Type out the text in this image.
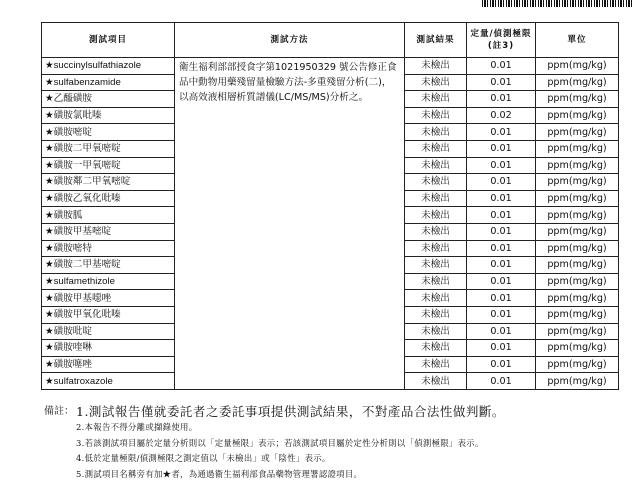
測試項目	測試方法	測試結果	定量/偵測極限(註3)	單位
★succinylsulfathiazole	衛生福利部部授食字第1021950329 號公告修正食品中動物用藥殘留量檢驗方法-多重殘留分析(二)，以高效液相層析質譜儀(LC/MS/MS)分析之。	未檢出	0.01	ppm(mg/kg)
★sulfabenzamide		未檢出	0.01	ppm(mg/kg)
★乙醯磺胺		未檢出	0.01	ppm(mg/kg)
★磺胺氯吡嗪		未檢出	0.02	ppm(mg/kg)
★磺胺嘧啶		未檢出	0.01	ppm(mg/kg)
★磺胺二甲氧嘧啶		未檢出	0.01	ppm(mg/kg)
★磺胺一甲氧嘧啶		未檢出	0.01	ppm(mg/kg)
★磺胺鄰二甲氧嘧啶		未檢出	0.01	ppm(mg/kg)
★磺胺乙氧化吡嗪		未檢出	0.01	ppm(mg/kg)
★磺胺胍		未檢出	0.01	ppm(mg/kg)
★磺胺甲基嘧啶		未檢出	0.01	ppm(mg/kg)
★磺胺嘧特		未檢出	0.01	ppm(mg/kg)
★磺胺二甲基嘧啶		未檢出	0.01	ppm(mg/kg)
★sulfamethizole		未檢出	0.01	ppm(mg/kg)
★磺胺甲基噁唑		未檢出	0.01	ppm(mg/kg)
★磺胺甲氧化吡嗪		未檢出	0.01	ppm(mg/kg)
★磺胺吡啶		未檢出	0.01	ppm(mg/kg)
★磺胺喹啉		未檢出	0.01	ppm(mg/kg)
★磺胺噻唑		未檢出	0.01	ppm(mg/kg)
★sulfatroxazole		未檢出	0.01	ppm(mg/kg)
備註： 1.測試報告僅就委託者之委託事項提供測試結果，不對產品合法性做判斷。
2.本報告不得分離或擷錄使用。
3.若該測試項目屬於定量分析則以「定量極限」表示；若該測試項目屬於定性分析則以「偵測極限」表示。
4.低於定量極限/偵測極限之測定值以「未檢出」或「陰性」表示。
5.測試項目名稱旁有加★者，為通過衛生福利部食品藥物管理署認證項目。
